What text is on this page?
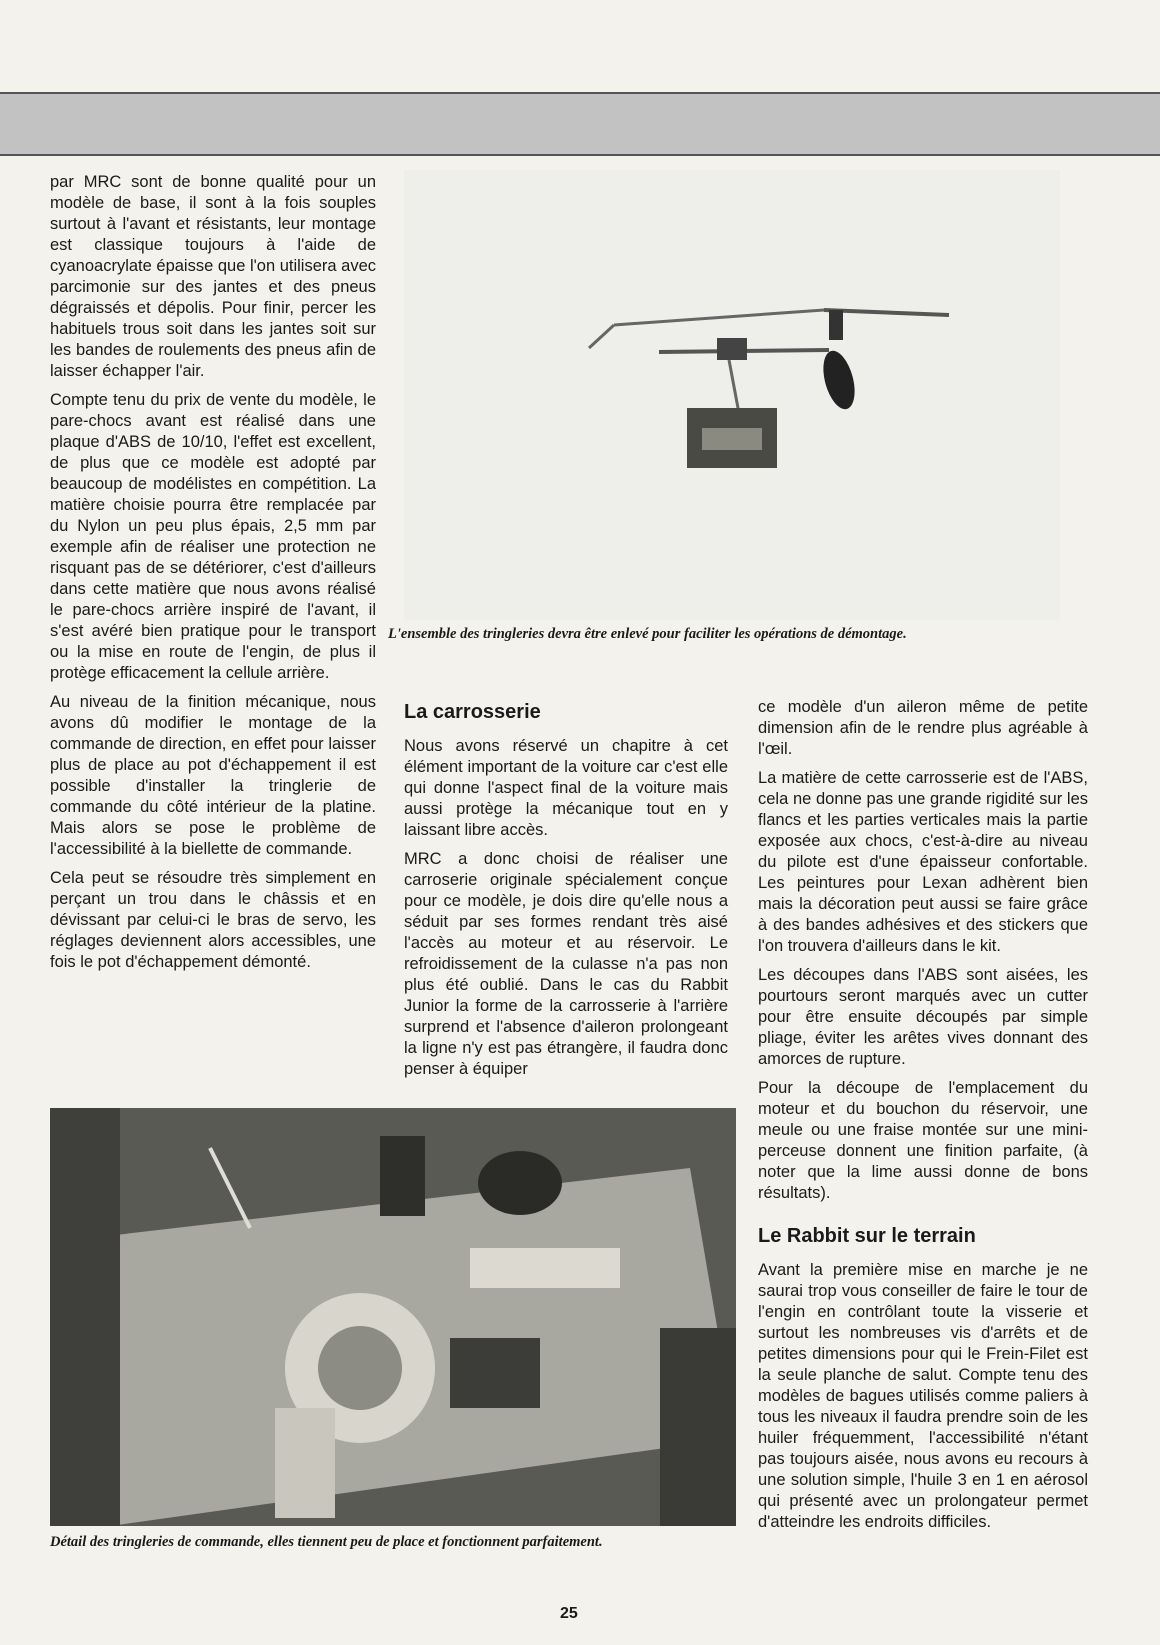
par MRC sont de bonne qualité pour un modèle de base, il sont à la fois souples surtout à l'avant et résistants, leur montage est classique toujours à l'aide de cyanoacrylate épaisse que l'on utilisera avec parcimonie sur des jantes et des pneus dégraissés et dépolis. Pour finir, percer les habituels trous soit dans les jantes soit sur les bandes de roulements des pneus afin de laisser échapper l'air.

Compte tenu du prix de vente du modèle, le pare-chocs avant est réalisé dans une plaque d'ABS de 10/10, l'effet est excellent, de plus que ce modèle est adopté par beaucoup de modélistes en compétition. La matière choisie pourra être remplacée par du Nylon un peu plus épais, 2,5 mm par exemple afin de réaliser une protection ne risquant pas de se détériorer, c'est d'ailleurs dans cette matière que nous avons réalisé le pare-chocs arrière inspiré de l'avant, il s'est avéré bien pratique pour le transport ou la mise en route de l'engin, de plus il protège efficacement la cellule arrière.

Au niveau de la finition mécanique, nous avons dû modifier le montage de la commande de direction, en effet pour laisser plus de place au pot d'échappement il est possible d'installer la tringlerie de commande du côté intérieur de la platine. Mais alors se pose le problème de l'accessibilité à la biellette de commande.

Cela peut se résoudre très simplement en perçant un trou dans le châssis et en dévissant par celui-ci le bras de servo, les réglages deviennent alors accessibles, une fois le pot d'échappement démonté.

L'ensemble des tringleries devra être enlevé pour faciliter les opérations de démontage.
La carrosserie

Nous avons réservé un chapitre à cet élément important de la voiture car c'est elle qui donne l'aspect final de la voiture mais aussi protège la mécanique tout en y laissant libre accès.

MRC a donc choisi de réaliser une carroserie originale spécialement conçue pour ce modèle, je dois dire qu'elle nous a séduit par ses formes rendant très aisé l'accès au moteur et au réservoir. Le refroidissement de la culasse n'a pas non plus été oublié. Dans le cas du Rabbit Junior la forme de la carrosserie à l'arrière surprend et l'absence d'aileron prolongeant la ligne n'y est pas étrangère, il faudra donc penser à équiper

ce modèle d'un aileron même de petite dimension afin de le rendre plus agréable à l'œil.

La matière de cette carrosserie est de l'ABS, cela ne donne pas une grande rigidité sur les flancs et les parties verticales mais la partie exposée aux chocs, c'est-à-dire au niveau du pilote est d'une épaisseur confortable. Les peintures pour Lexan adhèrent bien mais la décoration peut aussi se faire grâce à des bandes adhésives et des stickers que l'on trouvera d'ailleurs dans le kit.

Les découpes dans l'ABS sont aisées, les pourtours seront marqués avec un cutter pour être ensuite découpés par simple pliage, éviter les arêtes vives donnant des amorces de rupture.

Pour la découpe de l'emplacement du moteur et du bouchon du réservoir, une meule ou une fraise montée sur une mini-perceuse donnent une finition parfaite, (à noter que la lime aussi donne de bons résultats).

Le Rabbit sur le terrain

Avant la première mise en marche je ne saurai trop vous conseiller de faire le tour de l'engin en contrôlant toute la visserie et surtout les nombreuses vis d'arrêts et de petites dimensions pour qui le Frein-Filet est la seule planche de salut. Compte tenu des modèles de bagues utilisés comme paliers à tous les niveaux il faudra prendre soin de les huiler fréquemment, l'accessibilité n'étant pas toujours aisée, nous avons eu recours à une solution simple, l'huile 3 en 1 en aérosol qui présenté avec un prolongateur permet d'atteindre les endroits difficiles.

Détail des tringleries de commande, elles tiennent peu de place et fonctionnent parfaitement.
25
